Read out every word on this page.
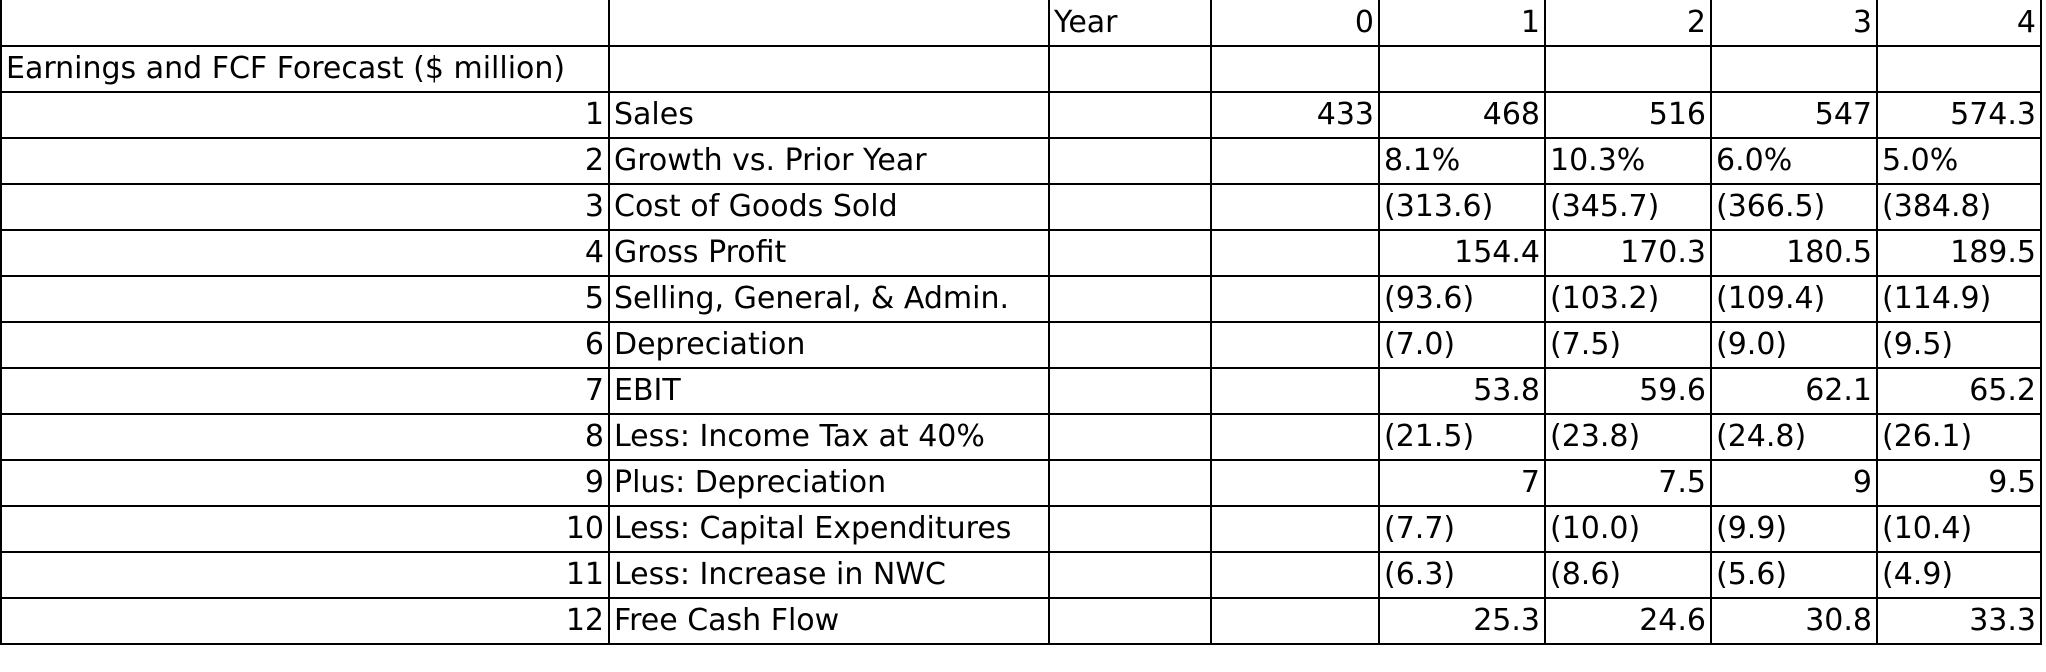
		Year	0	1	2	3	4
Earnings and FCF Forecast ($ million)							
1	Sales		433	468	516	547	574.3
2	Growth vs. Prior Year			8.1%	10.3%	6.0%	5.0%
3	Cost of Goods Sold			(313.6)	(345.7)	(366.5)	(384.8)
4	Gross Profit			154.4	170.3	180.5	189.5
5	Selling, General, & Admin.			(93.6)	(103.2)	(109.4)	(114.9)
6	Depreciation			(7.0)	(7.5)	(9.0)	(9.5)
7	EBIT			53.8	59.6	62.1	65.2
8	Less: Income Tax at 40%			(21.5)	(23.8)	(24.8)	(26.1)
9	Plus: Depreciation			7	7.5	9	9.5
10	Less: Capital Expenditures			(7.7)	(10.0)	(9.9)	(10.4)
11	Less: Increase in NWC			(6.3)	(8.6)	(5.6)	(4.9)
12	Free Cash Flow			25.3	24.6	30.8	33.3
